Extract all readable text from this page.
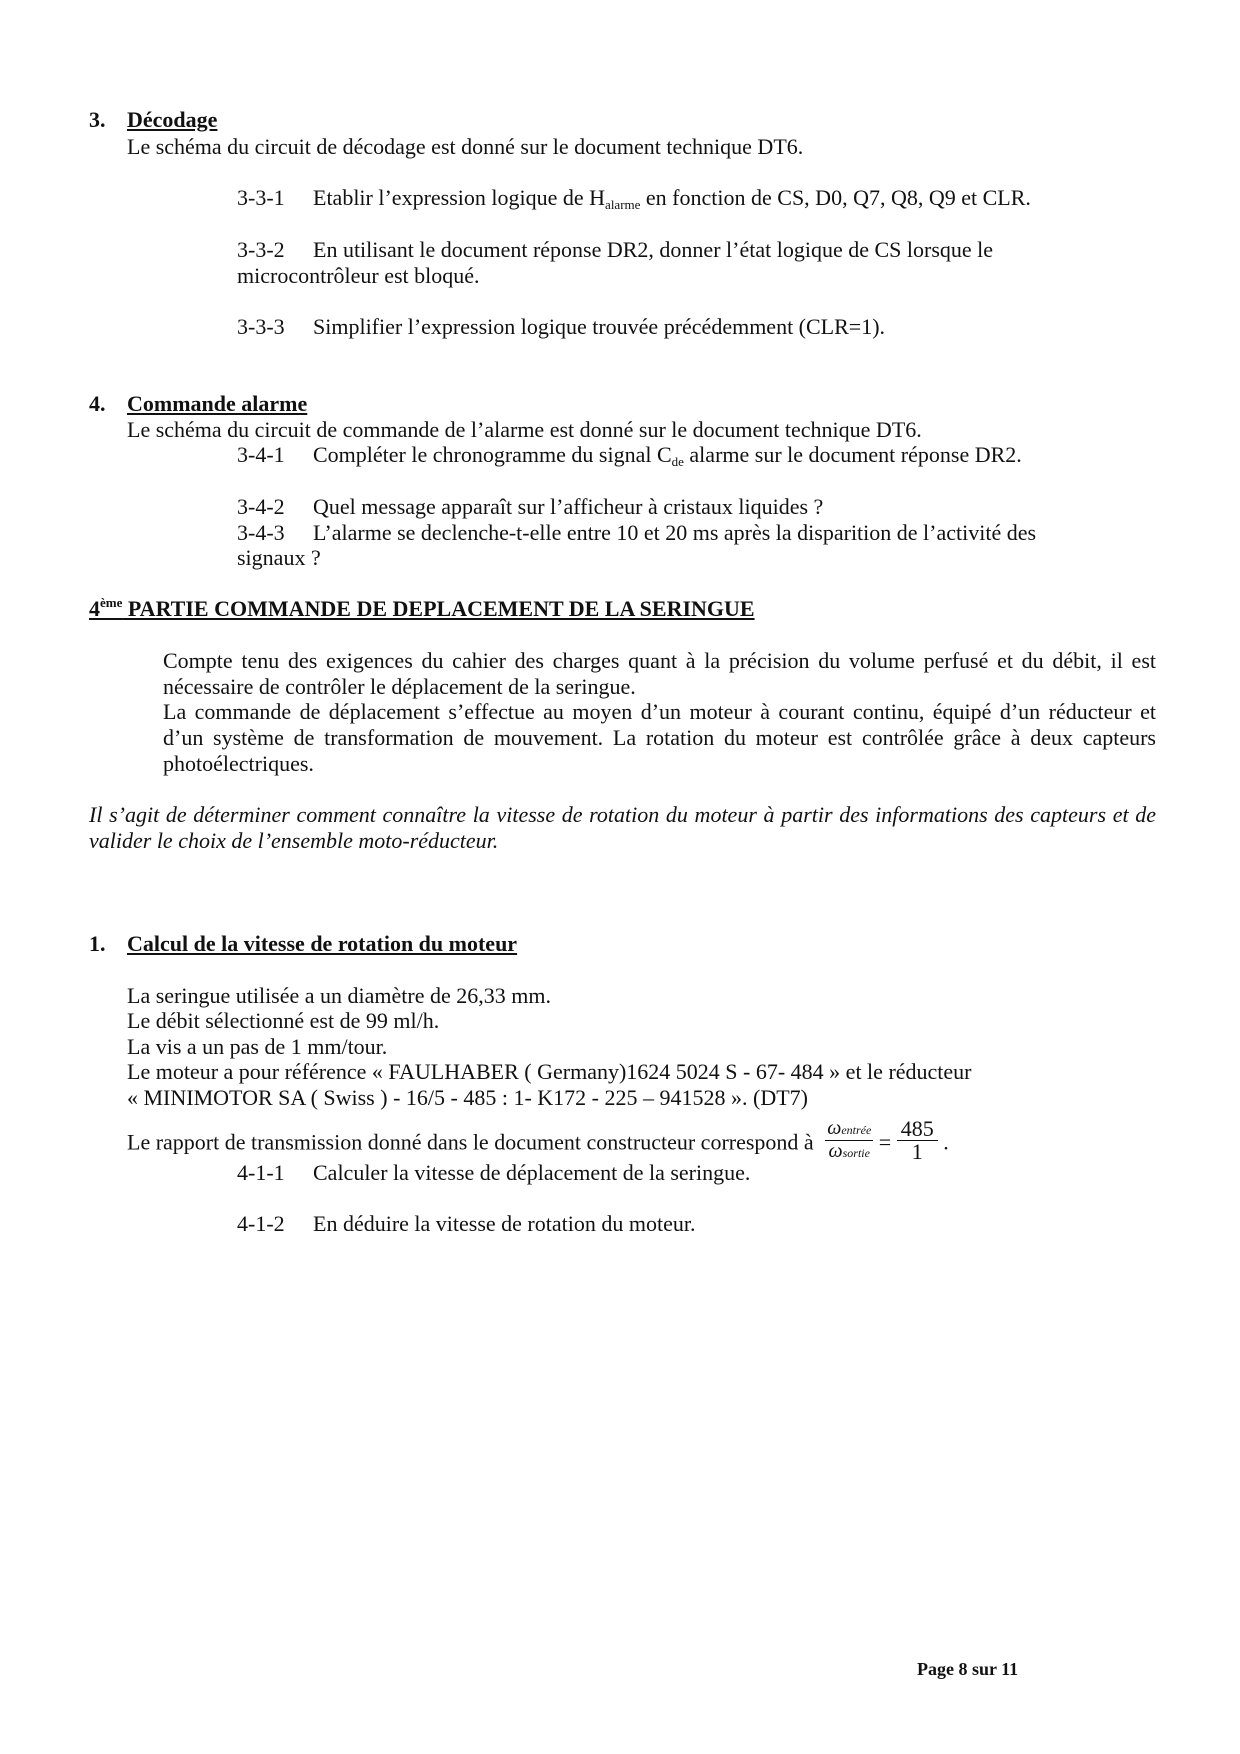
3. Décodage
Le schéma du circuit de décodage est donné sur le document technique DT6.
3-3-1 Etablir l’expression logique de $H_{alarme}$ en fonction de CS, D0, Q7, Q8, Q9 et CLR.
3-3-2 En utilisant le document réponse DR2, donner l’état logique de CS lorsque le
microcontrôleur est bloqué.
3-3-3 Simplifier l’expression logique trouvée précédemment (CLR=1).
4. Commande alarme
Le schéma du circuit de commande de l’alarme est donné sur le document technique DT6.
3-4-1 Compléter le chronogramme du signal $C_{de}$ alarme sur le document réponse DR2.
3-4-2 Quel message apparaît sur l’afficheur à cristaux liquides ?
3-4-3 L’alarme se declenche-t-elle entre 10 et 20 ms après la disparition de l’activité des
signaux ?
4ème PARTIE COMMANDE DE DEPLACEMENT DE LA SERINGUE
Compte tenu des exigences du cahier des charges quant à la précision du volume perfusé et du débit, il est nécessaire de contrôler le déplacement de la seringue.
La commande de déplacement s’effectue au moyen d’un moteur à courant continu, équipé d’un réducteur et d’un système de transformation de mouvement. La rotation du moteur est contrôlée grâce à deux capteurs photoélectriques.
Il s’agit de déterminer comment connaître la vitesse de rotation du moteur à partir des informations des capteurs et de valider le choix de l’ensemble moto-réducteur.
1. Calcul de la vitesse de rotation du moteur
La seringue utilisée a un diamètre de 26,33 mm.
Le débit sélectionné est de 99 ml/h.
La vis a un pas de 1 mm/tour.
Le moteur a pour référence « FAULHABER ( Germany)1624 5024 S - 67- 484 » et le réducteur
« MINIMOTOR SA ( Swiss ) - 16/5 - 485 : 1- K172 - 225 – 941528 ». (DT7)
Le rapport de transmission donné dans le document constructeur correspond à $\frac{\text{ωentrée}}{\text{ωsortie}} = \frac{485}{1}$ .
4-1-1 Calculer la vitesse de déplacement de la seringue.
4-1-2 En déduire la vitesse de rotation du moteur.
Page 8 sur 11
